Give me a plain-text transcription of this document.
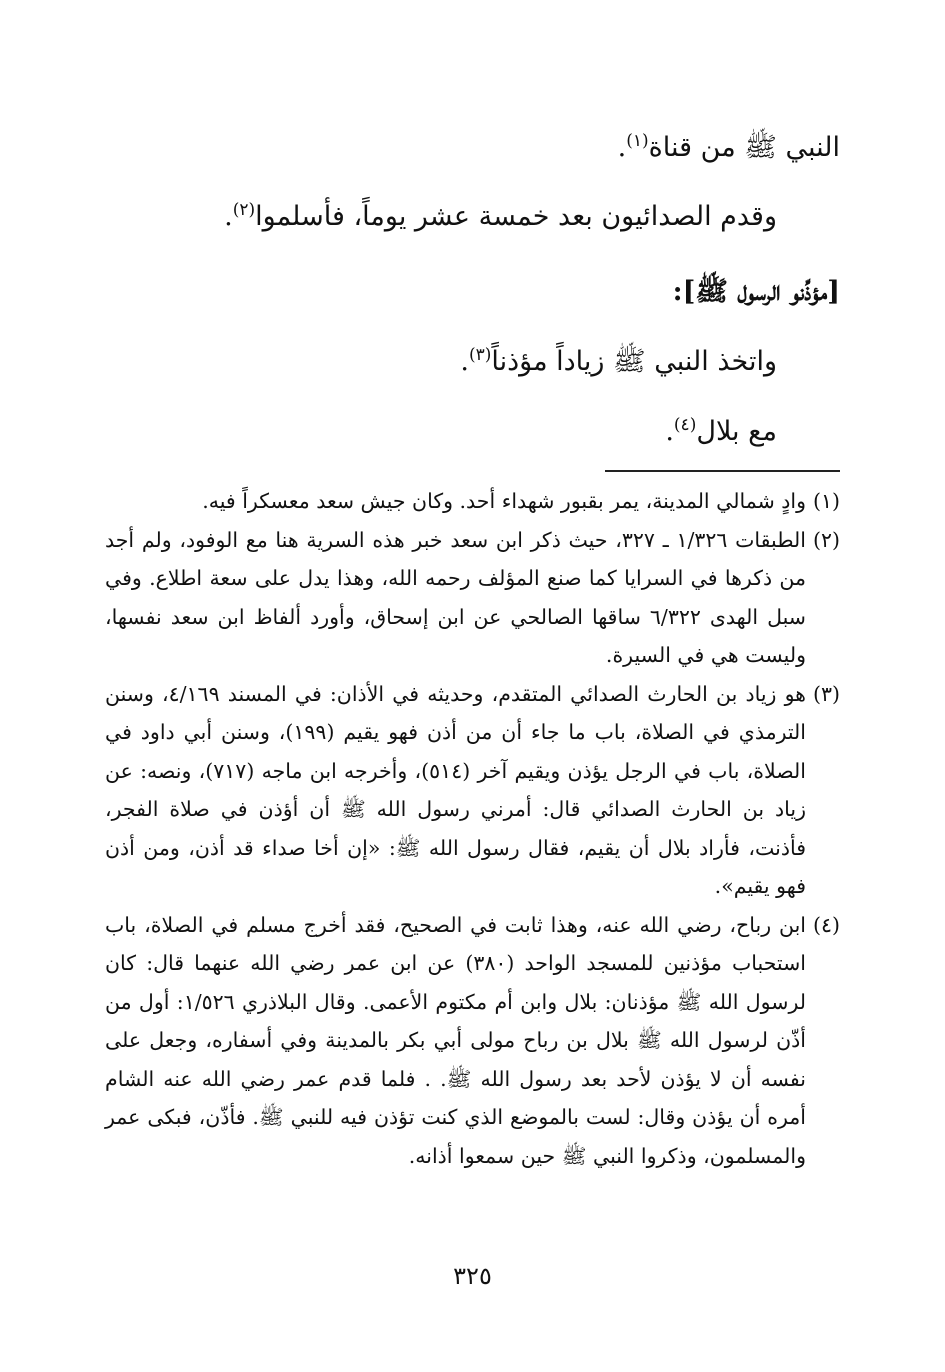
النبي ﷺ من قناة$^{(١)}$.
وقدم الصدائيون بعد خمسة عشر يوماً، فأسلموا$^{(٢)}$.
[مؤذِّنو الرسول ﷺ]:
واتخذ النبي ﷺ زياداً مؤذناً$^{(٣)}$.
مع بلال$^{(٤)}$.
(١)
وادٍ شمالي المدينة، يمر بقبور شهداء أحد. وكان جيش سعد معسكراً فيه.
(٢)
الطبقات ١/٣٢٦ ـ ٣٢٧، حيث ذكر ابن سعد خبر هذه السرية هنا مع الوفود، ولم أجد من ذكرها في السرايا كما صنع المؤلف رحمه الله، وهذا يدل على سعة اطلاع. وفي سبل الهدى ٦/٣٢٢ ساقها الصالحي عن ابن إسحاق، وأورد ألفاظ ابن سعد نفسها، وليست هي في السيرة.
(٣)
هو زياد بن الحارث الصدائي المتقدم، وحديثه في الأذان: في المسند ٤/١٦٩، وسنن الترمذي في الصلاة، باب ما جاء أن من أذن فهو يقيم (١٩٩)، وسنن أبي داود في الصلاة، باب في الرجل يؤذن ويقيم آخر (٥١٤)، وأخرجه ابن ماجه (٧١٧)، ونصه: عن زياد بن الحارث الصدائي قال: أمرني رسول الله ﷺ أن أؤذن في صلاة الفجر، فأذنت، فأراد بلال أن يقيم، فقال رسول الله ﷺ: «إن أخا صداء قد أذن، ومن أذن فهو يقيم».
(٤)
ابن رباح، رضي الله عنه، وهذا ثابت في الصحيح، فقد أخرج مسلم في الصلاة، باب استحباب مؤذنين للمسجد الواحد (٣٨٠) عن ابن عمر رضي الله عنهما قال: كان لرسول الله ﷺ مؤذنان: بلال وابن أم مكتوم الأعمى. وقال البلاذري ١/٥٢٦: أول من أذّن لرسول الله ﷺ بلال بن رباح مولى أبي بكر بالمدينة وفي أسفاره، وجعل على نفسه أن لا يؤذن لأحد بعد رسول الله ﷺ. . فلما قدم عمر رضي الله عنه الشام أمره أن يؤذن وقال: لست بالموضع الذي كنت تؤذن فيه للنبي ﷺ. فأذّن، فبكى عمر والمسلمون، وذكروا النبي ﷺ حين سمعوا أذانه.
٣٢٥
